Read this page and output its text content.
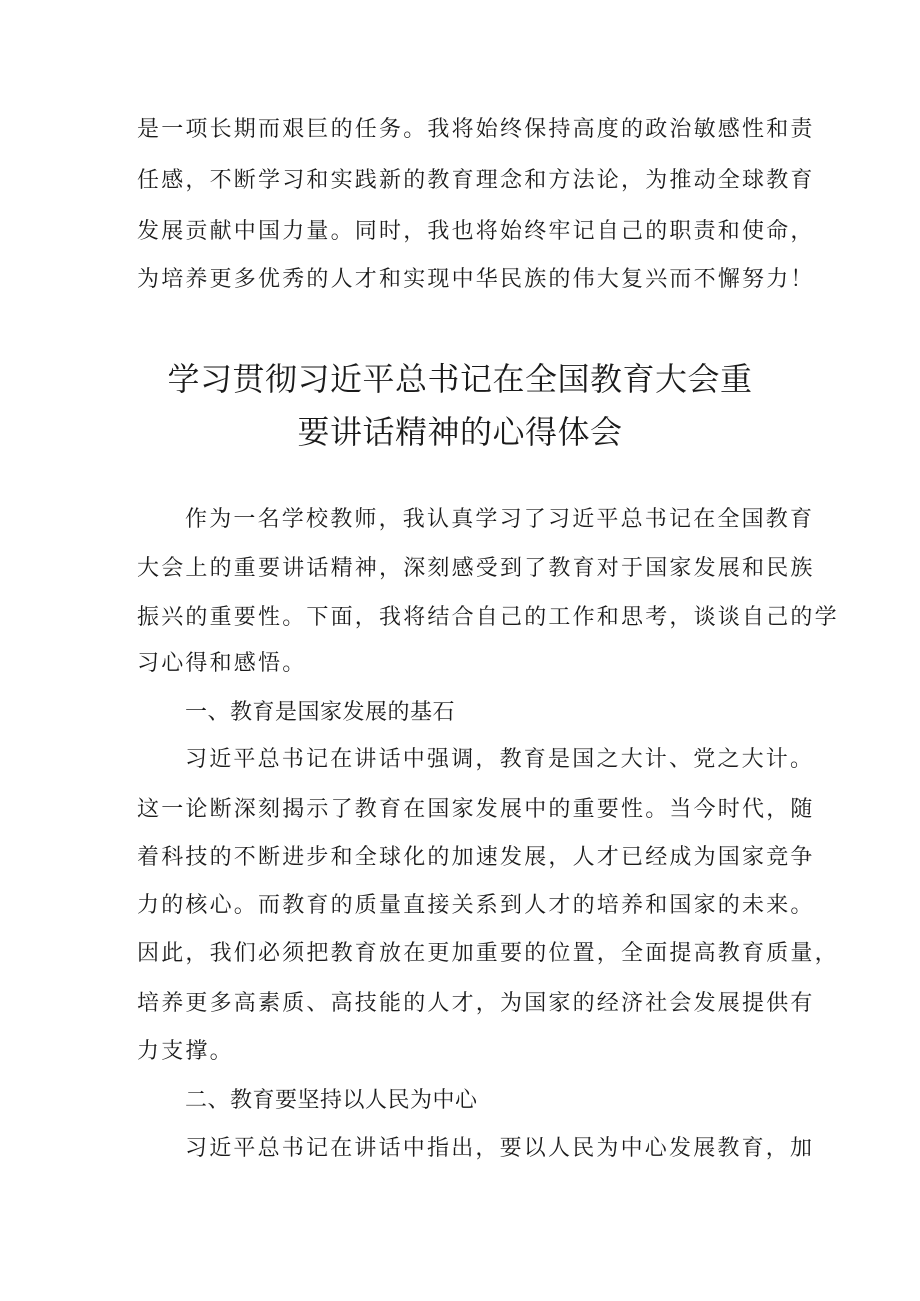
是一项长期而艰巨的任务。我将始终保持高度的政治敏感性和责
任感，不断学习和实践新的教育理念和方法论，为推动全球教育
发展贡献中国力量。同时，我也将始终牢记自己的职责和使命，
为培养更多优秀的人才和实现中华民族的伟大复兴而不懈努力！
学习贯彻习近平总书记在全国教育大会重
要讲话精神的心得体会
作为一名学校教师，我认真学习了习近平总书记在全国教育
大会上的重要讲话精神，深刻感受到了教育对于国家发展和民族
振兴的重要性。下面，我将结合自己的工作和思考，谈谈自己的学
习心得和感悟。
一、教育是国家发展的基石
习近平总书记在讲话中强调，教育是国之大计、党之大计。
这一论断深刻揭示了教育在国家发展中的重要性。当今时代，随
着科技的不断进步和全球化的加速发展，人才已经成为国家竞争
力的核心。而教育的质量直接关系到人才的培养和国家的未来。
因此，我们必须把教育放在更加重要的位置，全面提高教育质量，
培养更多高素质、高技能的人才，为国家的经济社会发展提供有
力支撑。
二、教育要坚持以人民为中心
习近平总书记在讲话中指出，要以人民为中心发展教育，加
